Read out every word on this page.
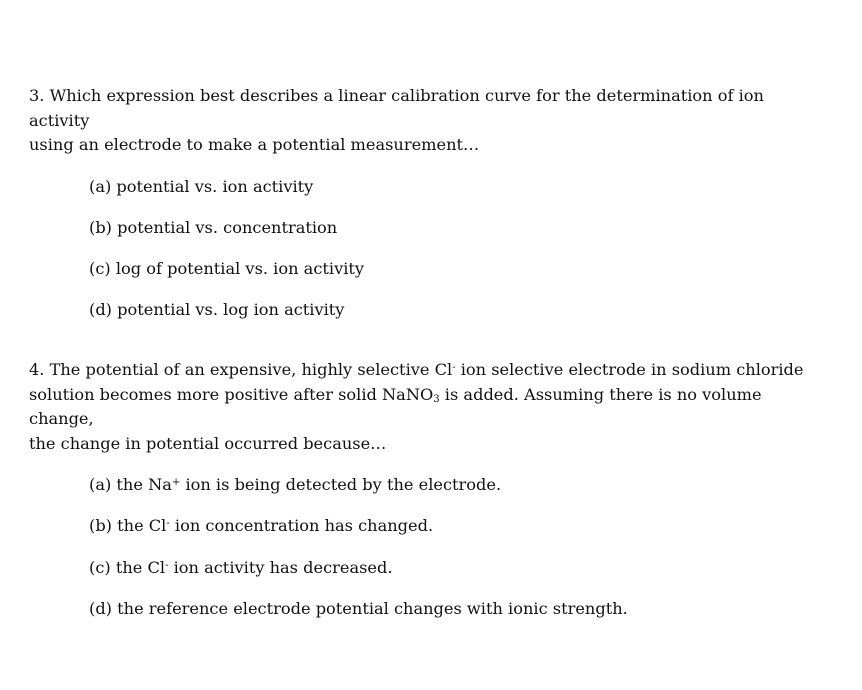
3. Which expression best describes a linear calibration curve for the determination of ion activity
using an electrode to make a potential measurement…

(a) potential vs. ion activity
(b) potential vs. concentration
(c) log of potential vs. ion activity
(d) potential vs. log ion activity

4. The potential of an expensive, highly selective Cl- ion selective electrode in sodium chloride
solution becomes more positive after solid NaNO$_3$ is added. Assuming there is no volume change,
the change in potential occurred because…

(a) the Na+ ion is being detected by the electrode.
(b) the Cl- ion concentration has changed.
(c) the Cl- ion activity has decreased.
(d) the reference electrode potential changes with ionic strength.
